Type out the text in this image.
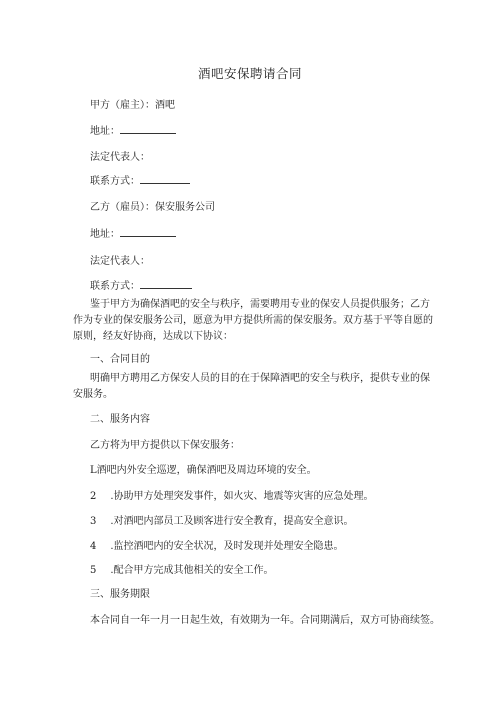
酒吧安保聘请合同
甲方（雇主）：酒吧
地址：
法定代表人：
联系方式：
乙方（雇员）：保安服务公司
地址：
法定代表人：
联系方式：
鉴于甲方为确保酒吧的安全与秩序，需要聘用专业的保安人员提供服务；乙方作为专业的保安服务公司，愿意为甲方提供所需的保安服务。双方基于平等自愿的原则，经友好协商，达成以下协议：
一、合同目的
明确甲方聘用乙方保安人员的目的在于保障酒吧的安全与秩序，提供专业的保安服务。
二、服务内容
乙方将为甲方提供以下保安服务：
L酒吧内外安全巡逻，确保酒吧及周边环境的安全。
2 .协助甲方处理突发事件，如火灾、地震等灾害的应急处理。
3 .对酒吧内部员工及顾客进行安全教育，提高安全意识。
4 .监控酒吧内的安全状况，及时发现并处理安全隐患。
5 .配合甲方完成其他相关的安全工作。
三、服务期限
本合同自一年一月一日起生效，有效期为一年。合同期满后，双方可协商续签。
